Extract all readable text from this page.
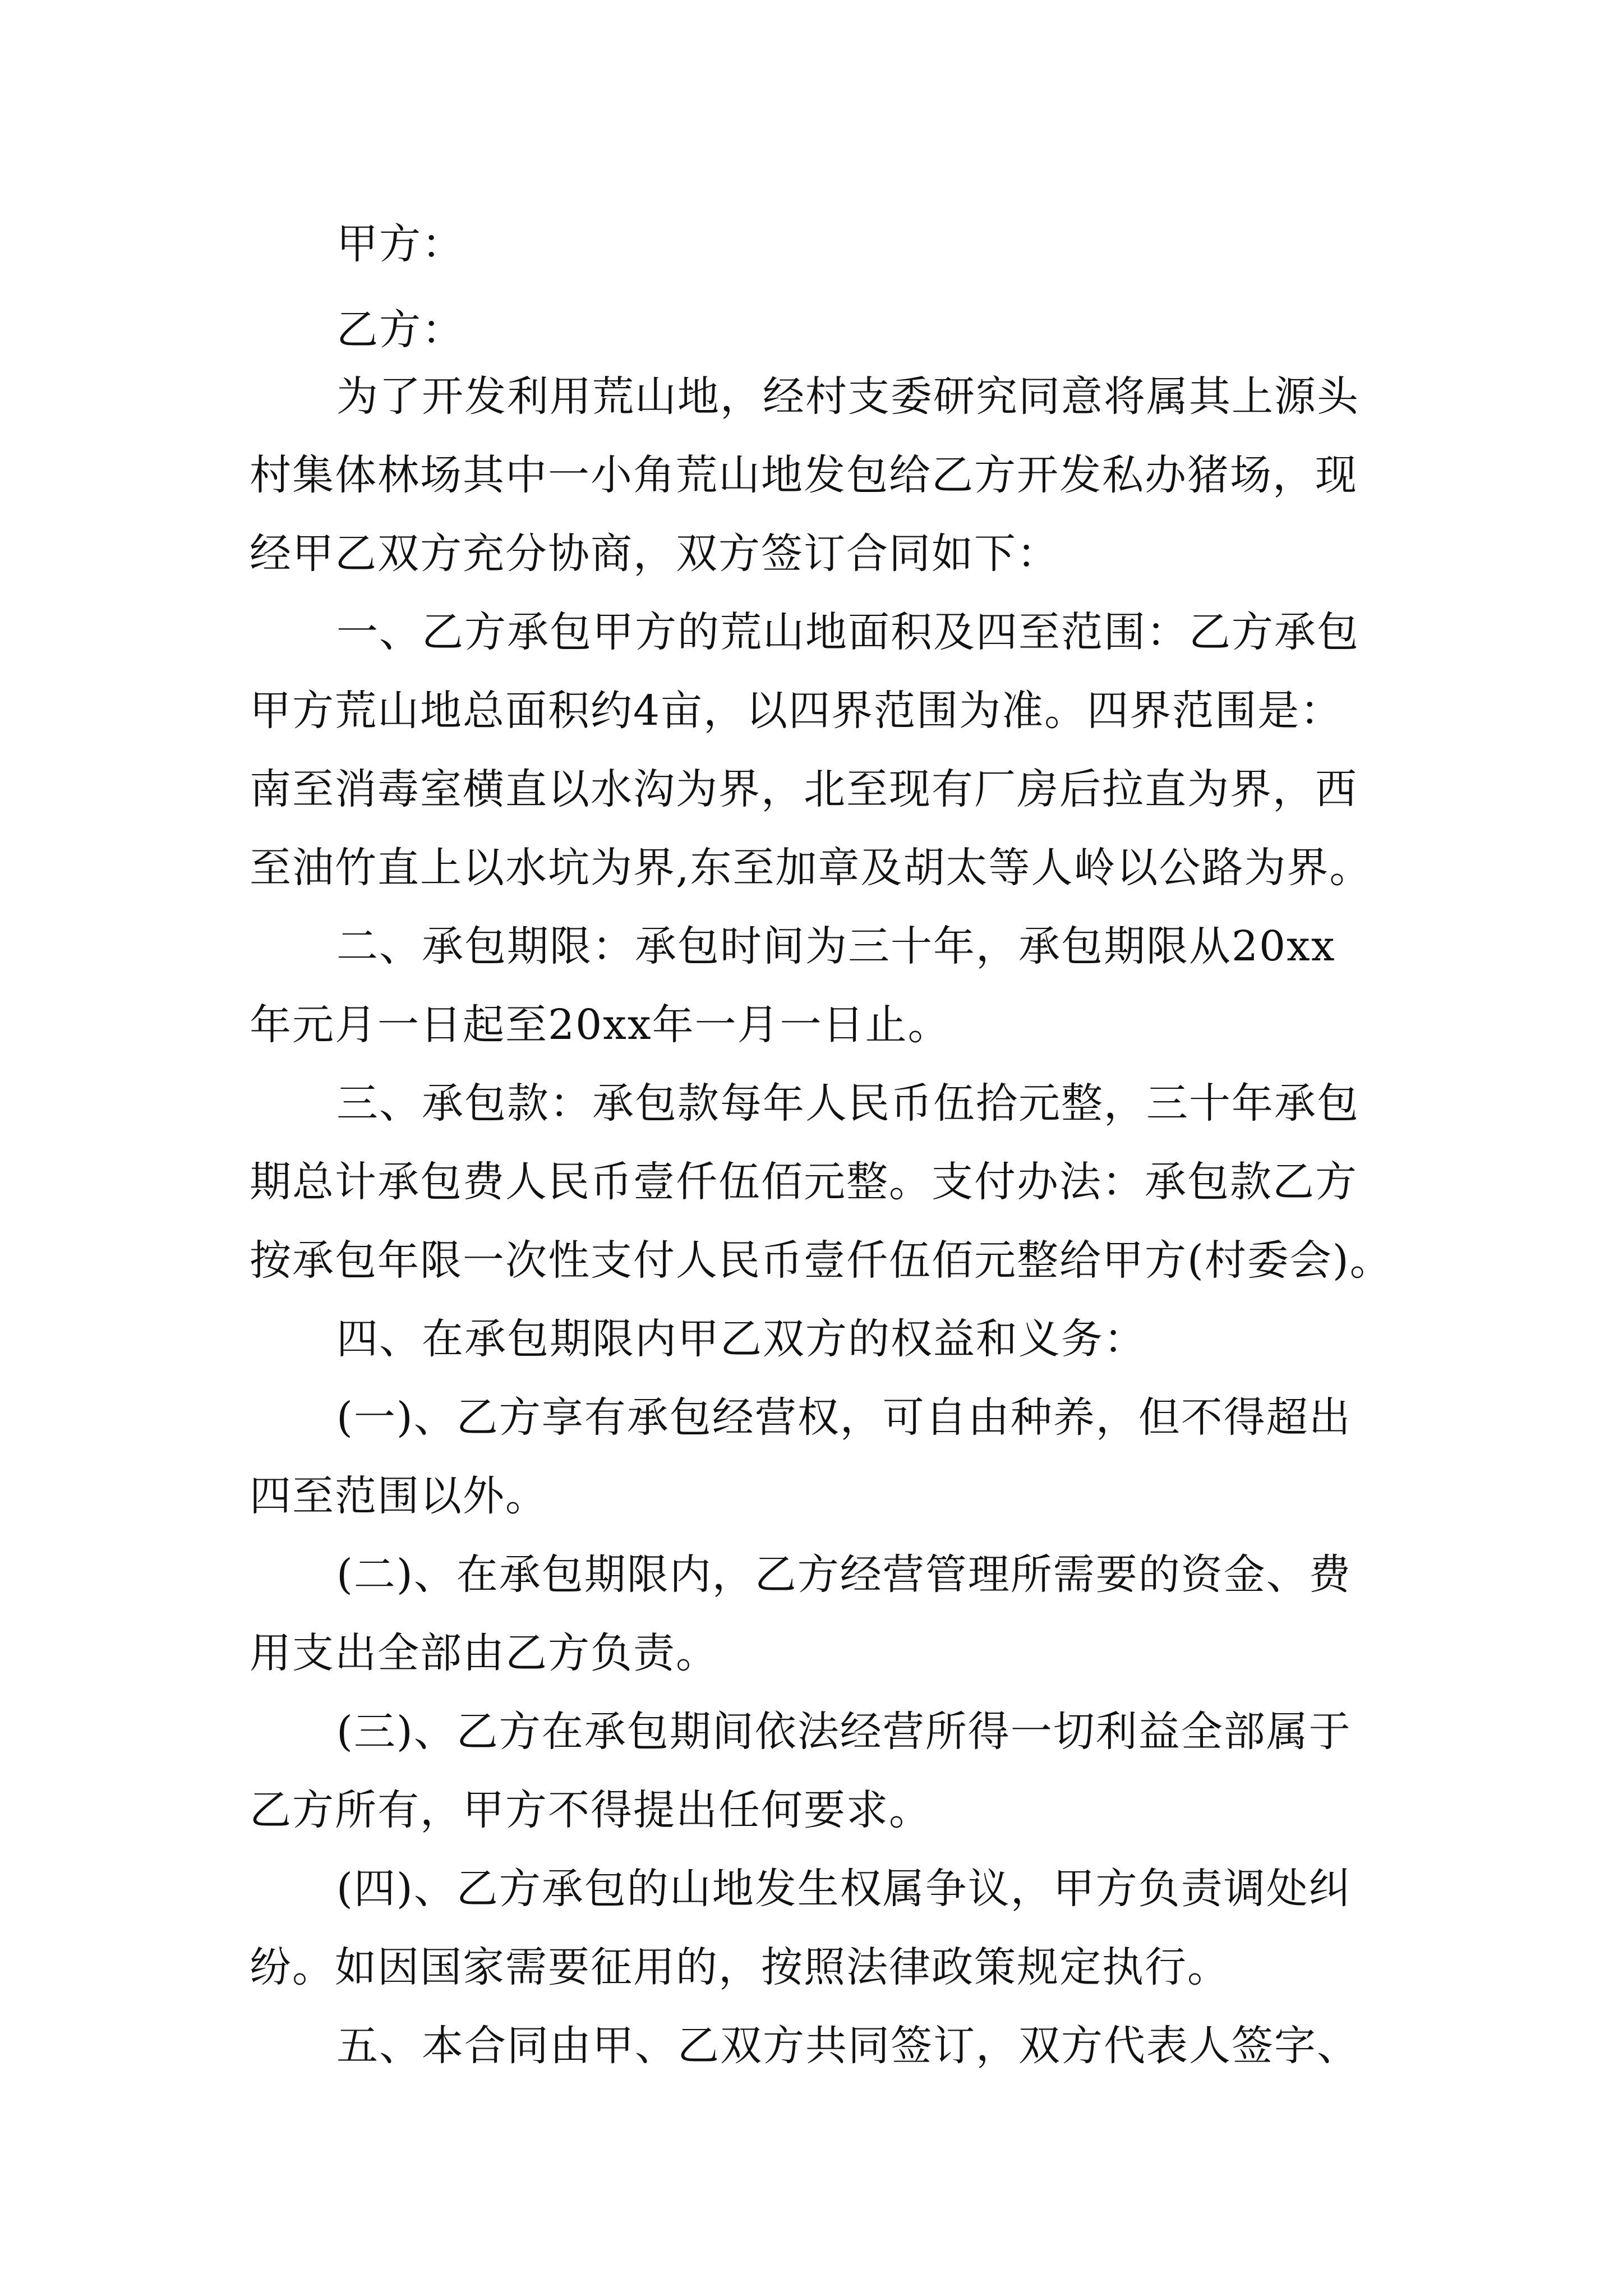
甲方：
乙方：
为了开发利用荒山地，经村支委研究同意将属其上源头
村集体林场其中一小角荒山地发包给乙方开发私办猪场，现
经甲乙双方充分协商，双方签订合同如下：
一、乙方承包甲方的荒山地面积及四至范围：乙方承包
甲方荒山地总面积约4亩，以四界范围为准。四界范围是：
南至消毒室横直以水沟为界，北至现有厂房后拉直为界，西
至油竹直上以水坑为界,东至加章及胡太等人岭以公路为界。
二、承包期限：承包时间为三十年，承包期限从20xx
年元月一日起至20xx年一月一日止。
三、承包款：承包款每年人民币伍拾元整，三十年承包
期总计承包费人民币壹仟伍佰元整。支付办法：承包款乙方
按承包年限一次性支付人民币壹仟伍佰元整给甲方(村委会)。
四、在承包期限内甲乙双方的权益和义务：
(一)、乙方享有承包经营权，可自由种养，但不得超出
四至范围以外。
(二)、在承包期限内，乙方经营管理所需要的资金、费
用支出全部由乙方负责。
(三)、乙方在承包期间依法经营所得一切利益全部属于
乙方所有，甲方不得提出任何要求。
(四)、乙方承包的山地发生权属争议，甲方负责调处纠
纷。如因国家需要征用的，按照法律政策规定执行。
五、本合同由甲、乙双方共同签订，双方代表人签字、
